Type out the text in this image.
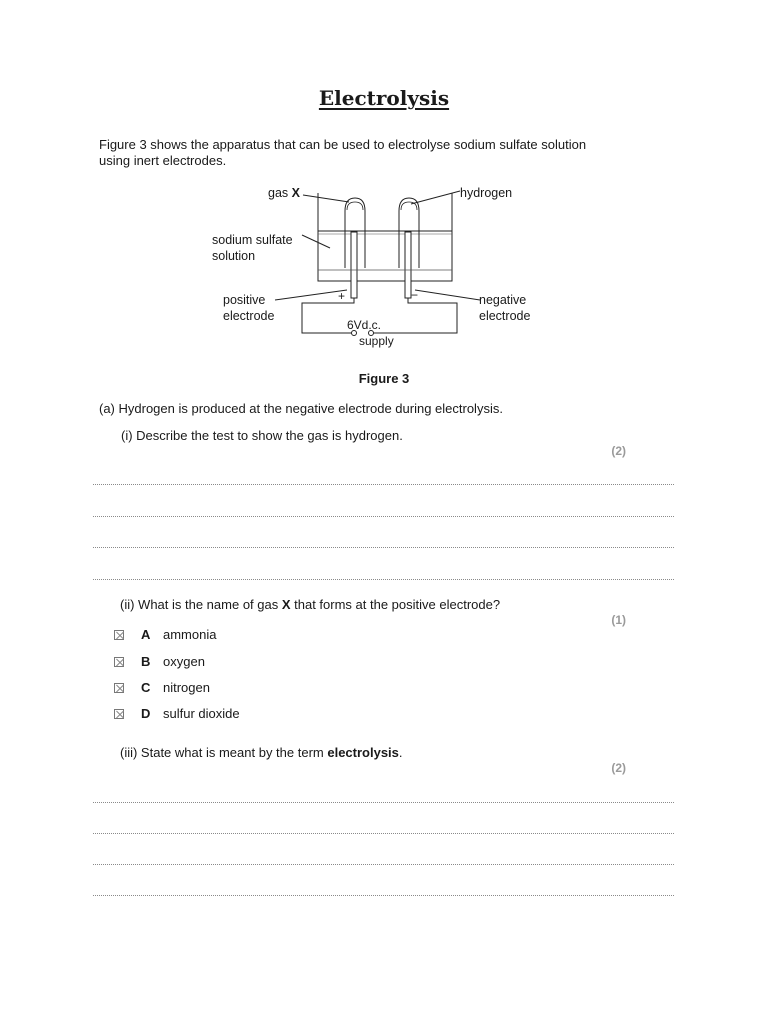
Electrolysis
Figure 3 shows the apparatus that can be used to electrolyse sodium sulfate solution using inert electrodes.
gas X	hydrogen
sodium sulfate
solution
positive
electrode
negative
electrode
+	−
6Vd.c.
supply
Figure 3
(a) Hydrogen is produced at the negative electrode during electrolysis.
(i) Describe the test to show the gas is hydrogen.
(2)
(ii) What is the name of gas X that forms at the positive electrode?
(1)
A ammonia
B oxygen
C nitrogen
D sulfur dioxide
(iii) State what is meant by the term electrolysis.
(2)
